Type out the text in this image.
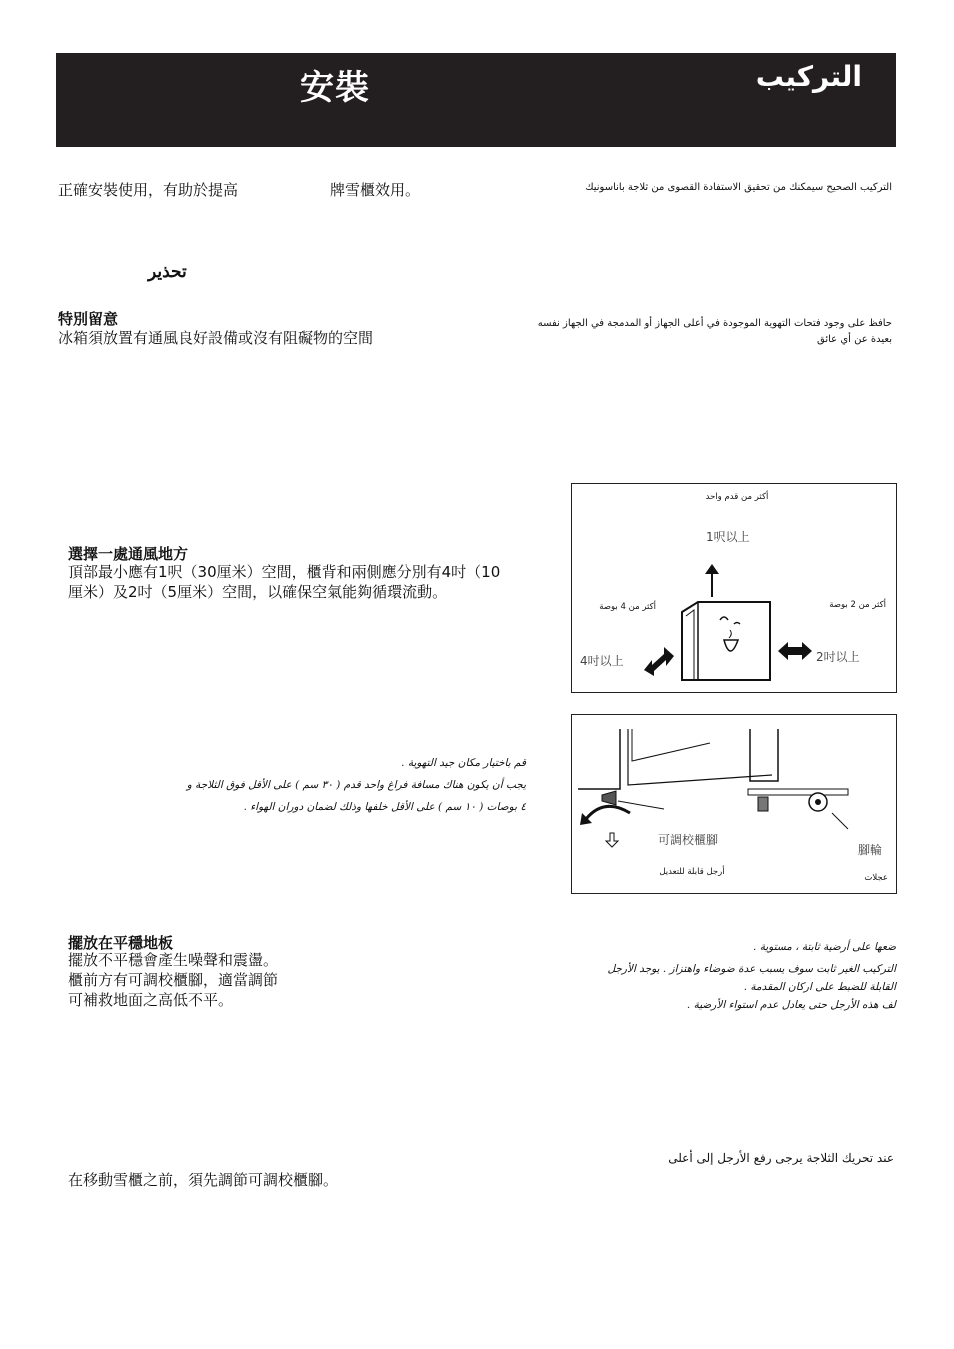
安裝	التركيب
正確安裝使用，有助於提高	牌雪櫃效用。	التركيب الصحيح سيمكنك من تحقيق الاستفادة القصوى من ثلاجة باناسونيك
تحذير
特別留意
冰箱須放置有通風良好設備或沒有阻礙物的空間
حافظ على وجود فتحات التهوية الموجودة في أعلى الجهاز أو المدمجة في الجهاز نفسه
بعيدة عن أي عائق
選擇一處通風地方
頂部最小應有1呎（30厘米）空間，櫃背和兩側應分別有4吋（10
厘米）及2吋（5厘米）空間，以確保空氣能夠循環流動。
أكثر من قدم واحد
1呎以上
أكثر من 4 بوصة
4吋以上
أكثر من 2 بوصة
2吋以上
قم باختيار مكان جيد التهوية .
يجب أن يكون هناك مسافة فراغ واحد قدم ( ٣٠ سم ) على الأقل فوق الثلاجة و
٤ بوصات ( ١٠ سم ) على الأقل خلفها وذلك لضمان دوران الهواء .
可調校櫃腳
أرجل قابلة للتعديل
腳輪
عجلات
擺放在平穩地板
擺放不平穩會產生噪聲和震盪。
櫃前方有可調校櫃腳，適當調節
可補救地面之高低不平。
ضعها على أرضية ثابتة ، مستوية .
التركيب الغير ثابت سوف يسبب عدة ضوضاء واهتزاز . يوجد الأرجل
القابلة للضبط على اركان المقدمة .
لف هذه الأرجل حتى يعادل عدم استواء الأرضية .
在移動雪櫃之前，須先調節可調校櫃腳。
عند تحريك الثلاجة يرجى رفع الأرجل إلى أعلى
